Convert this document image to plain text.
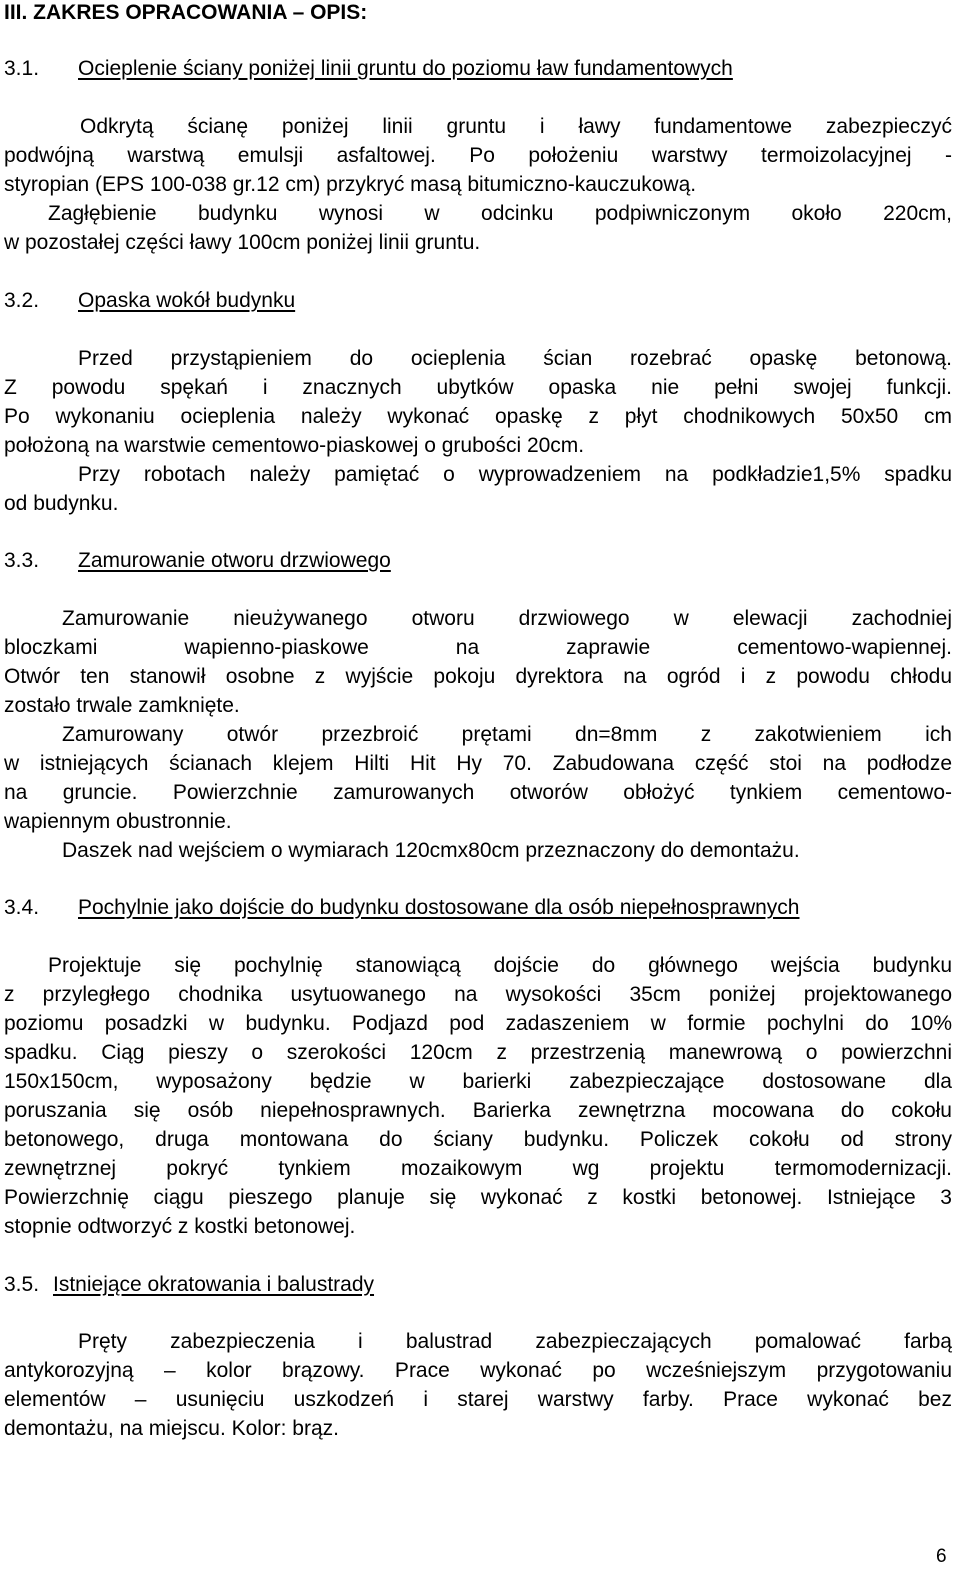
III. ZAKRES OPRACOWANIA – OPIS:
3.1. Ocieplenie ściany poniżej linii gruntu do poziomu ław fundamentowych
Odkrytą ścianę poniżej linii gruntu i ławy fundamentowe zabezpieczyć
podwójną warstwą emulsji asfaltowej. Po położeniu warstwy termoizolacyjnej -
styropian (EPS 100-038 gr.12 cm) przykryć masą bitumiczno-kauczukową.
Zagłębienie budynku wynosi w odcinku podpiwniczonym około 220cm,
w pozostałej części ławy 100cm poniżej linii gruntu.
3.2. Opaska wokół budynku
Przed przystąpieniem do ocieplenia ścian rozebrać opaskę betonową.
Z powodu spękań i znacznych ubytków opaska nie pełni swojej funkcji.
Po wykonaniu ocieplenia należy wykonać opaskę z płyt chodnikowych 50x50 cm
położoną na warstwie cementowo-piaskowej o grubości 20cm.
Przy robotach należy pamiętać o wyprowadzeniem na podkładzie1,5% spadku
od budynku.
3.3. Zamurowanie otworu drzwiowego
Zamurowanie nieużywanego otworu drzwiowego w elewacji zachodniej
bloczkami wapienno-piaskowe na zaprawie cementowo-wapiennej.
Otwór ten stanowił osobne z wyjście pokoju dyrektora na ogród i z powodu chłodu
zostało trwale zamknięte.
Zamurowany otwór przezbroić prętami dn=8mm z zakotwieniem ich
w istniejących ścianach klejem Hilti Hit Hy 70. Zabudowana część stoi na podłodze
na gruncie. Powierzchnie zamurowanych otworów obłożyć tynkiem cementowo-
wapiennym obustronnie.
Daszek nad wejściem o wymiarach 120cmx80cm przeznaczony do demontażu.
3.4. Pochylnie jako dojście do budynku dostosowane dla osób niepełnosprawnych
Projektuje się pochylnię stanowiącą dojście do głównego wejścia budynku
z przyległego chodnika usytuowanego na wysokości 35cm poniżej projektowanego
poziomu posadzki w budynku. Podjazd pod zadaszeniem w formie pochylni do 10%
spadku. Ciąg pieszy o szerokości 120cm z przestrzenią manewrową o powierzchni
150x150cm, wyposażony będzie w barierki zabezpieczające dostosowane dla
poruszania się osób niepełnosprawnych. Barierka zewnętrzna mocowana do cokołu
betonowego, druga montowana do ściany budynku. Policzek cokołu od strony
zewnętrznej pokryć tynkiem mozaikowym wg projektu termomodernizacji.
Powierzchnię ciągu pieszego planuje się wykonać z kostki betonowej. Istniejące 3
stopnie odtworzyć z kostki betonowej.
3.5. Istniejące okratowania i balustrady
Pręty zabezpieczenia i balustrad zabezpieczających pomalować farbą
antykorozyjną – kolor brązowy. Prace wykonać po wcześniejszym przygotowaniu
elementów – usunięciu uszkodzeń i starej warstwy farby. Prace wykonać bez
demontażu, na miejscu. Kolor: brąz.
6
